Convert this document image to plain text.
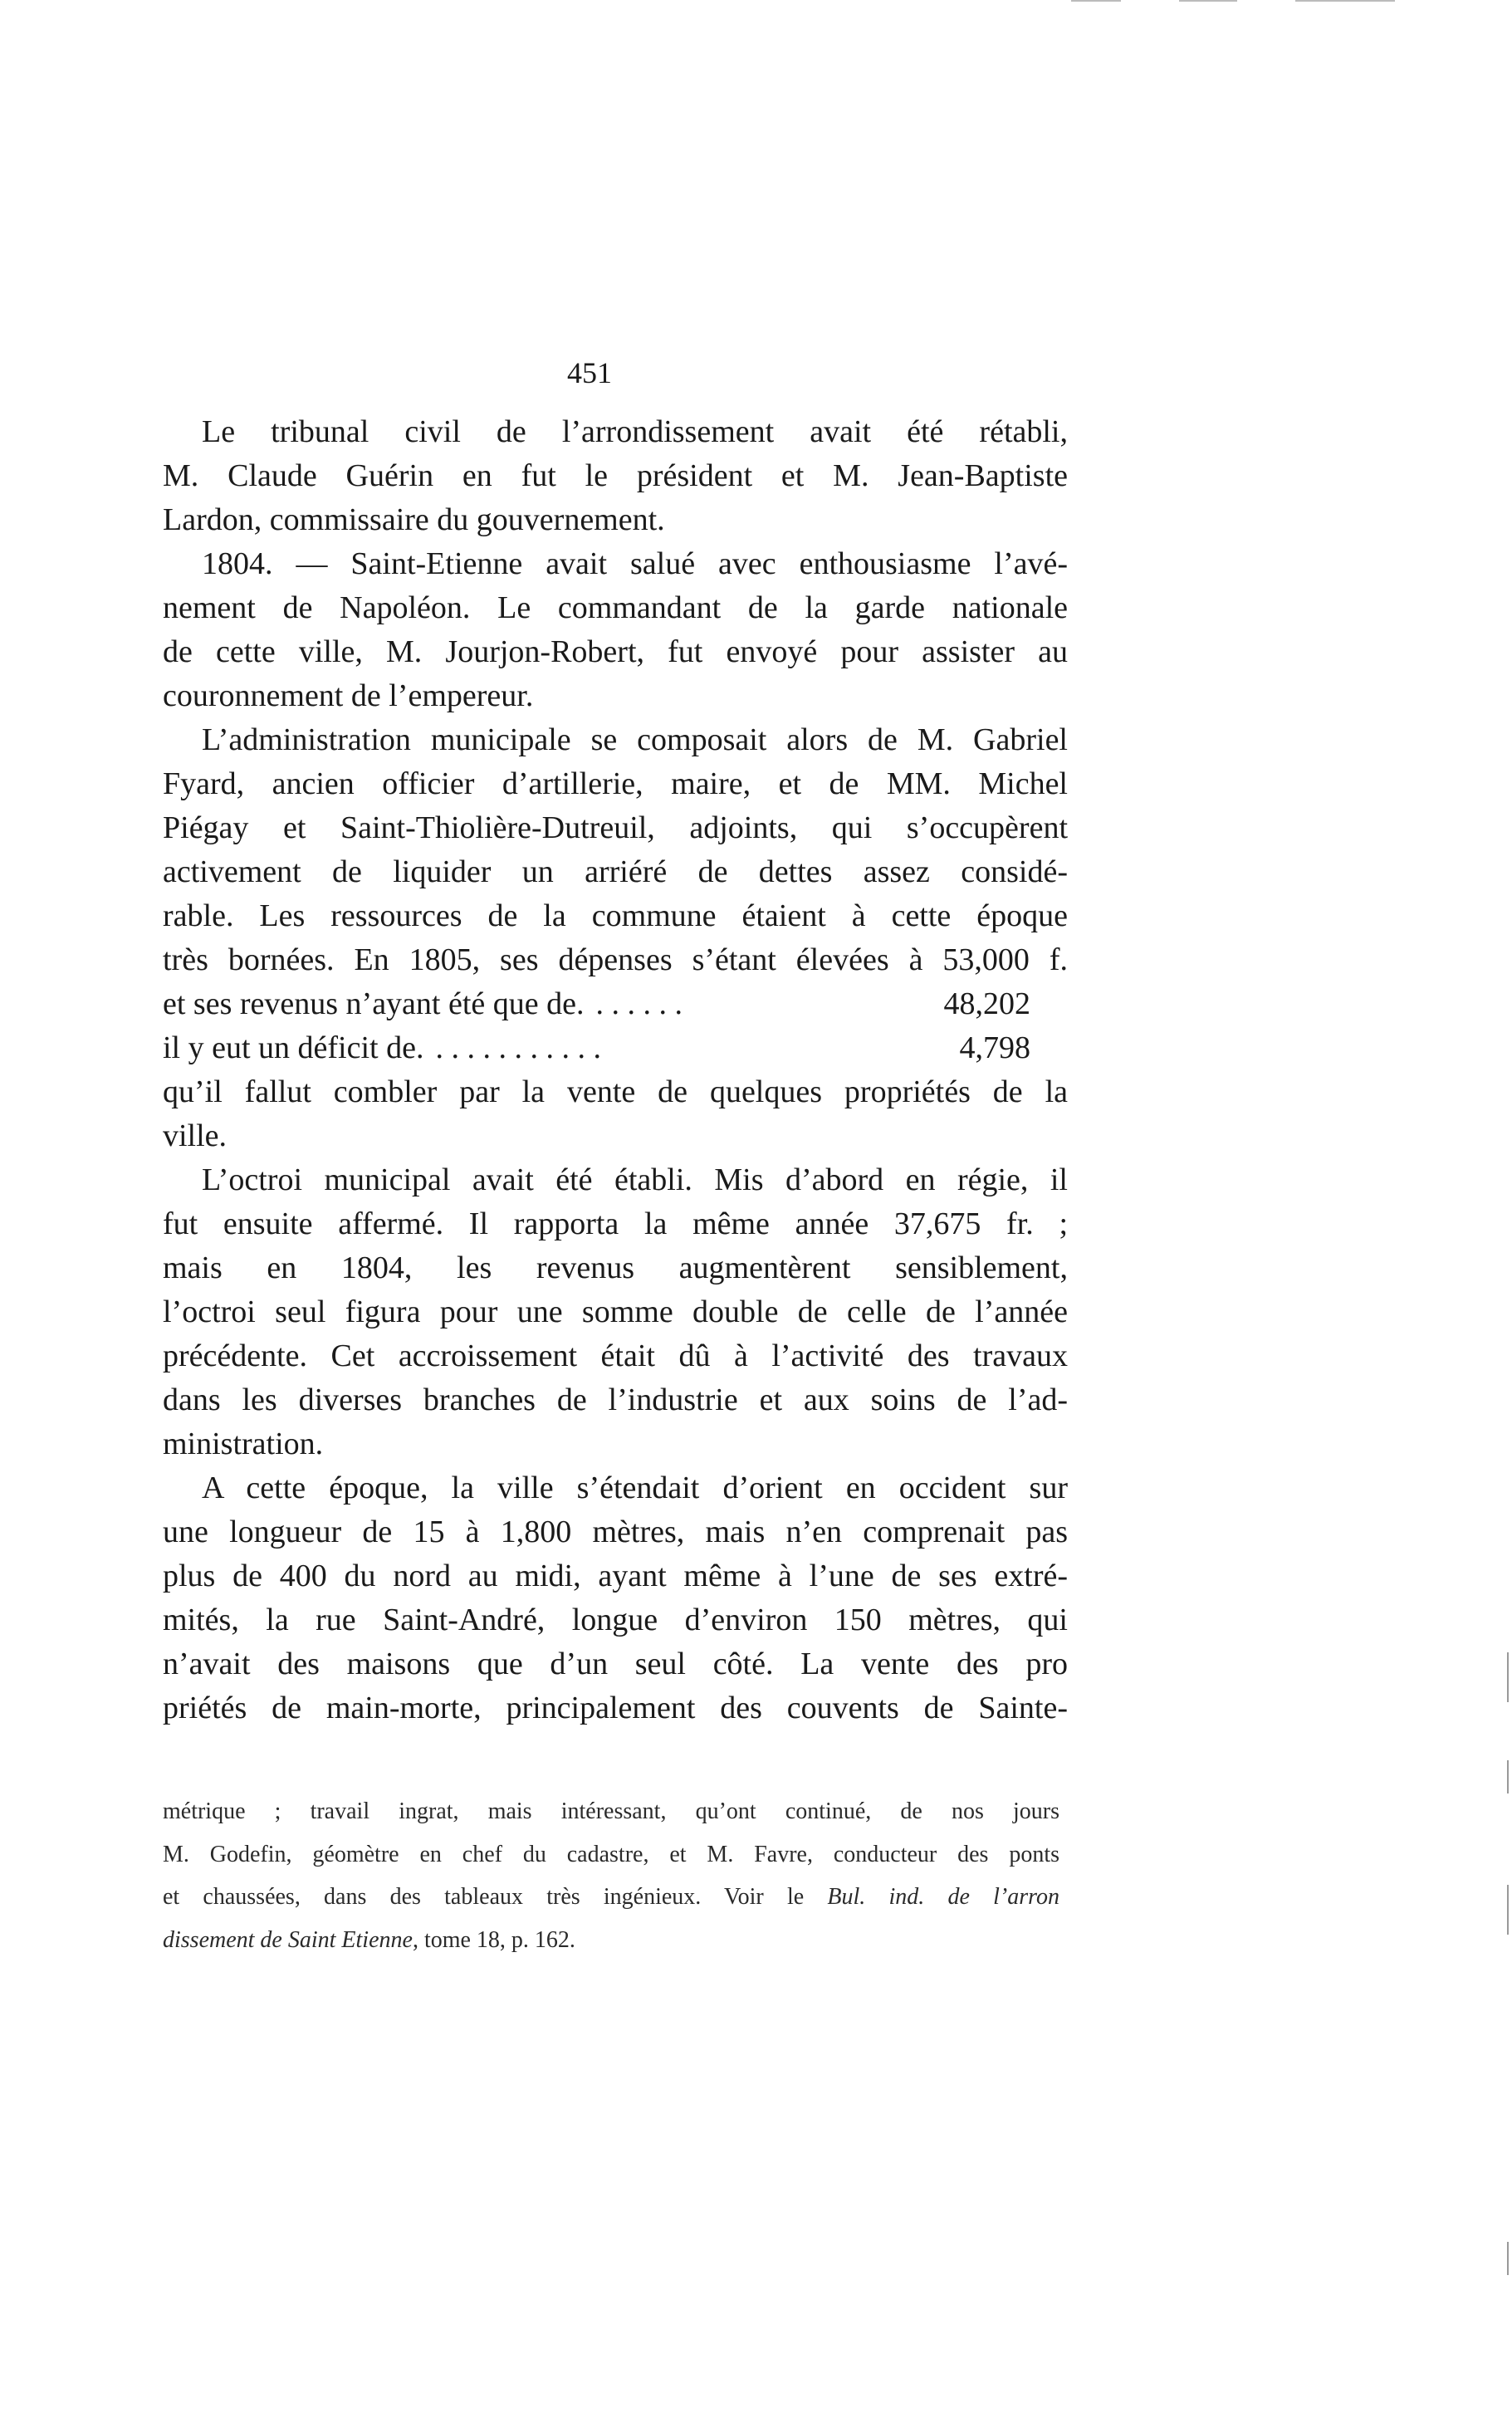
451
Le tribunal civil de l’arrondissement avait été rétabli,
M. Claude Guérin en fut le président et M. Jean-Baptiste
Lardon, commissaire du gouvernement.
1804. — Saint-Etienne avait salué avec enthousiasme l’avé-
nement de Napoléon. Le commandant de la garde nationale
de cette ville, M. Jourjon-Robert, fut envoyé pour assister au
couronnement de l’empereur.
L’administration municipale se composait alors de M. Gabriel
Fyard, ancien officier d’artillerie, maire, et de MM. Michel
Piégay et Saint-Thiolière-Dutreuil, adjoints, qui s’occupèrent
activement de liquider un arriéré de dettes assez considé-
rable. Les ressources de la commune étaient à cette époque
très bornées. En 1805, ses dépenses s’étant élevées à 53,000 f.
et ses revenus n’ayant été que de. . . . . . .	48,202
il y eut un déficit de. . . . . . . . . . . .	4,798
qu’il fallut combler par la vente de quelques propriétés de la
ville.
L’octroi municipal avait été établi. Mis d’abord en régie, il
fut ensuite affermé. Il rapporta la même année 37,675 fr. ;
mais en 1804, les revenus augmentèrent sensiblement,
l’octroi seul figura pour une somme double de celle de l’année
précédente. Cet accroissement était dû à l’activité des travaux
dans les diverses branches de l’industrie et aux soins de l’ad-
ministration.
A cette époque, la ville s’étendait d’orient en occident sur
une longueur de 15 à 1,800 mètres, mais n’en comprenait pas
plus de 400 du nord au midi, ayant même à l’une de ses extré-
mités, la rue Saint-André, longue d’environ 150 mètres, qui
n’avait des maisons que d’un seul côté. La vente des pro
priétés de main-morte, principalement des couvents de Sainte-
métrique ; travail ingrat, mais intéressant, qu’ont continué, de nos jours
M. Godefin, géomètre en chef du cadastre, et M. Favre, conducteur des ponts
et chaussées, dans des tableaux très ingénieux. Voir le Bul. ind. de l’arron
dissement de Saint Etienne, tome 18, p. 162.
